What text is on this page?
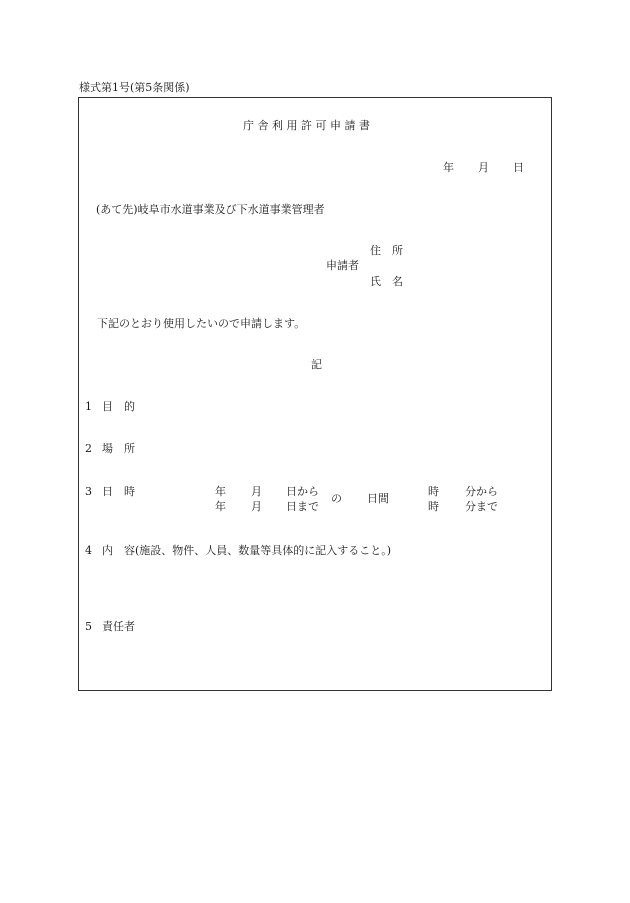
様式第1号(第5条関係)
庁 舎 利 用 許 可 申 請 書
年 月 日
(あて先)岐阜市水道事業及び下水道事業管理者
住　所
申請者
氏　名
下記のとおり使用したいので申請します。
記
1 目　的
2 場　所
3 日　時	年 月 日から
年 月 日まで
の 日間
時 分から
時 分まで
4 内　容(施設、物件、人員、数量等具体的に記入すること。)
5 責任者
